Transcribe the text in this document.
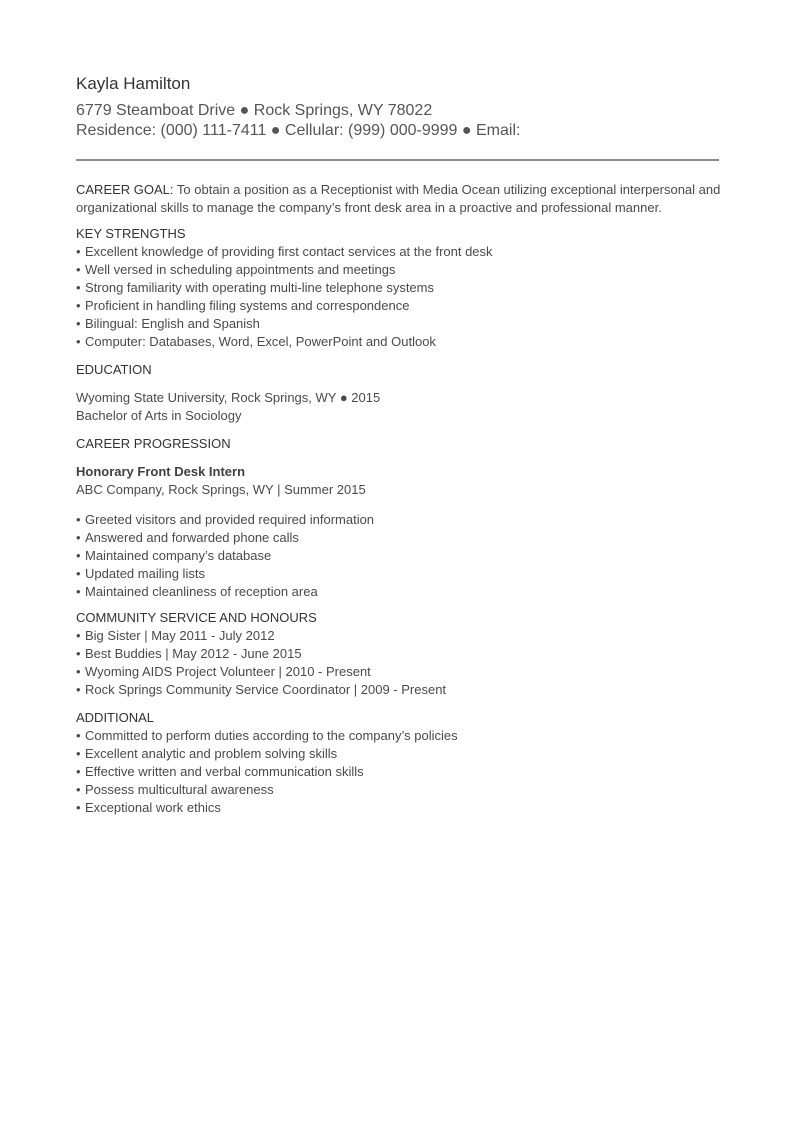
Kayla Hamilton
6779 Steamboat Drive ● Rock Springs, WY 78022
Residence: (000) 111-7411 ● Cellular: (999) 000-9999 ● Email:
CAREER GOAL: To obtain a position as a Receptionist with Media Ocean utilizing exceptional interpersonal and organizational skills to manage the company’s front desk area in a proactive and professional manner.
KEY STRENGTHS
• Excellent knowledge of providing first contact services at the front desk
• Well versed in scheduling appointments and meetings
• Strong familiarity with operating multi-line telephone systems
• Proficient in handling filing systems and correspondence
• Bilingual: English and Spanish
• Computer: Databases, Word, Excel, PowerPoint and Outlook
EDUCATION
Wyoming State University, Rock Springs, WY ● 2015
Bachelor of Arts in Sociology
CAREER PROGRESSION
Honorary Front Desk Intern
ABC Company, Rock Springs, WY | Summer 2015
• Greeted visitors and provided required information
• Answered and forwarded phone calls
• Maintained company’s database
• Updated mailing lists
• Maintained cleanliness of reception area
COMMUNITY SERVICE AND HONOURS
• Big Sister | May 2011 - July 2012
• Best Buddies | May 2012 - June 2015
• Wyoming AIDS Project Volunteer | 2010 - Present
• Rock Springs Community Service Coordinator | 2009 - Present
ADDITIONAL
• Committed to perform duties according to the company’s policies
• Excellent analytic and problem solving skills
• Effective written and verbal communication skills
• Possess multicultural awareness
• Exceptional work ethics
